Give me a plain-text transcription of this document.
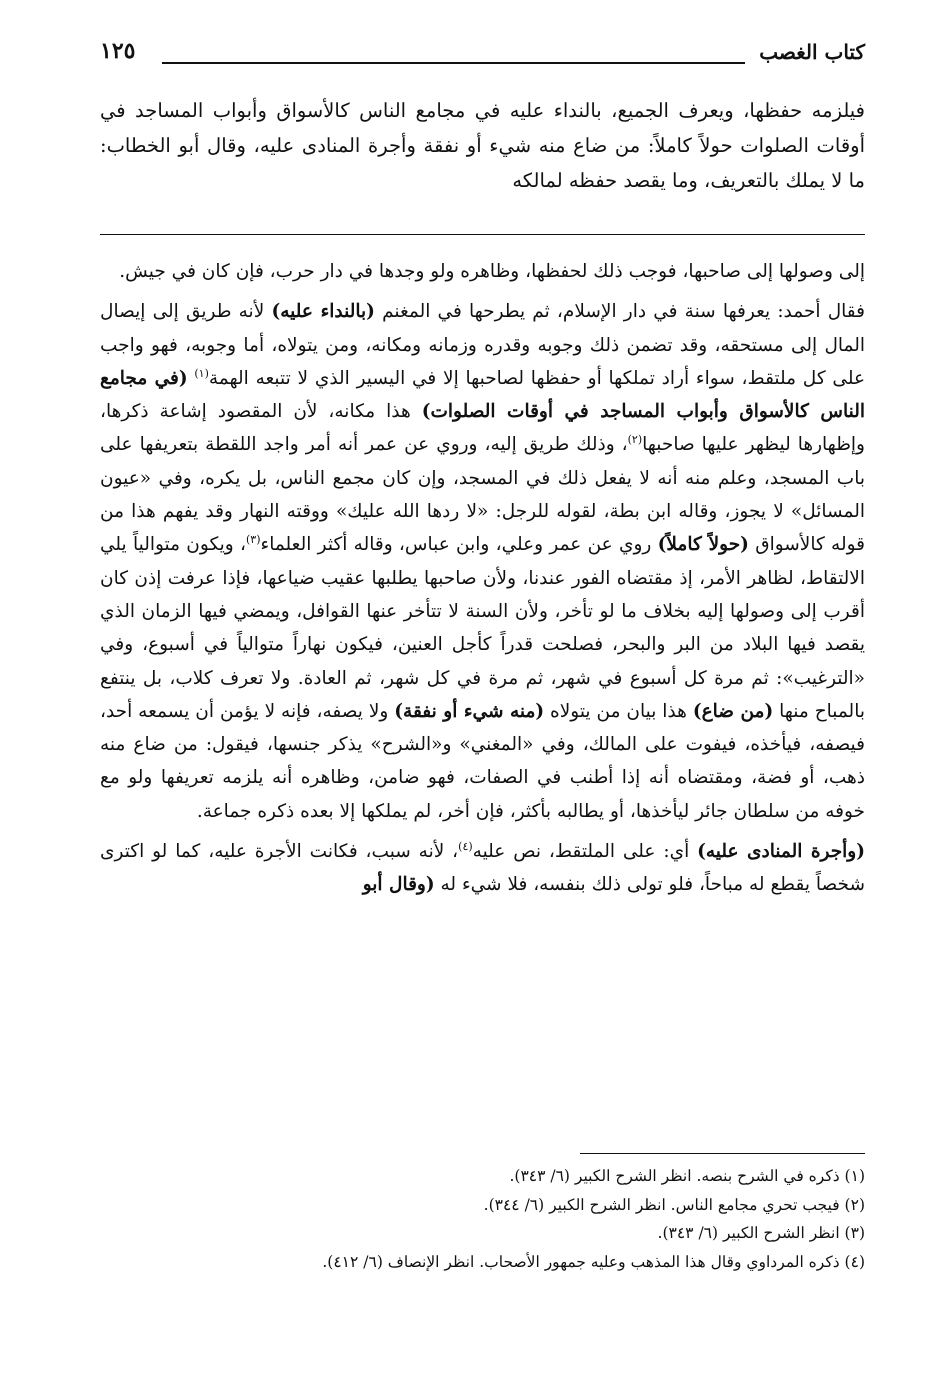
١٢٥	كتاب الغصب

فيلزمه حفظها، ويعرف الجميع، بالنداء عليه في مجامع الناس كالأسواق وأبواب المساجد في أوقات الصلوات حولاً كاملاً: من ضاع منه شيء أو نفقة وأجرة المنادى عليه، وقال أبو الخطاب: ما لا يملك بالتعريف، وما يقصد حفظه لمالكه

إلى وصولها إلى صاحبها، فوجب ذلك لحفظها، وظاهره ولو وجدها في دار حرب، فإن كان في جيش.

فقال أحمد: يعرفها سنة في دار الإسلام، ثم يطرحها في المغنم (بالنداء عليه) لأنه طريق إلى إيصال المال إلى مستحقه، وقد تضمن ذلك وجوبه وقدره وزمانه ومكانه، ومن يتولاه، أما وجوبه، فهو واجب على كل ملتقط، سواء أراد تملكها أو حفظها لصاحبها إلا في اليسير الذي لا تتبعه الهمة$^{(١)}$ (في مجامع الناس كالأسواق وأبواب المساجد في أوقات الصلوات) هذا مكانه، لأن المقصود إشاعة ذكرها، وإظهارها ليظهر عليها صاحبها$^{(٢)}$، وذلك طريق إليه، وروي عن عمر أنه أمر واجد اللقطة بتعريفها على باب المسجد، وعلم منه أنه لا يفعل ذلك في المسجد، وإن كان مجمع الناس، بل يكره، وفي «عيون المسائل» لا يجوز، وقاله ابن بطة، لقوله للرجل: «لا ردها الله عليك» ووقته النهار وقد يفهم هذا من قوله كالأسواق (حولاً كاملاً) روي عن عمر وعلي، وابن عباس، وقاله أكثر العلماء$^{(٣)}$، ويكون متوالياً يلي الالتقاط، لظاهر الأمر، إذ مقتضاه الفور عندنا، ولأن صاحبها يطلبها عقيب ضياعها، فإذا عرفت إذن كان أقرب إلى وصولها إليه بخلاف ما لو تأخر، ولأن السنة لا تتأخر عنها القوافل، ويمضي فيها الزمان الذي يقصد فيها البلاد من البر والبحر، فصلحت قدراً كأجل العنين، فيكون نهاراً متوالياً في أسبوع، وفي «الترغيب»: ثم مرة كل أسبوع في شهر، ثم مرة في كل شهر، ثم العادة. ولا تعرف كلاب، بل ينتفع بالمباح منها (من ضاع) هذا بيان من يتولاه (منه شيء أو نفقة) ولا يصفه، فإنه لا يؤمن أن يسمعه أحد، فيصفه، فيأخذه، فيفوت على المالك، وفي «المغني» و«الشرح» يذكر جنسها، فيقول: من ضاع منه ذهب، أو فضة، ومقتضاه أنه إذا أطنب في الصفات، فهو ضامن، وظاهره أنه يلزمه تعريفها ولو مع خوفه من سلطان جائر ليأخذها، أو يطالبه بأكثر، فإن أخر، لم يملكها إلا بعده ذكره جماعة.

(وأجرة المنادى عليه) أي: على الملتقط، نص عليه$^{(٤)}$، لأنه سبب، فكانت الأجرة عليه، كما لو اكترى شخصاً يقطع له مباحاً، فلو تولى ذلك بنفسه، فلا شيء له (وقال أبو

(١) ذكره في الشرح بنصه. انظر الشرح الكبير (٦/ ٣٤٣).
(٢) فيجب تحري مجامع الناس. انظر الشرح الكبير (٦/ ٣٤٤).
(٣) انظر الشرح الكبير (٦/ ٣٤٣).
(٤) ذكره المرداوي وقال هذا المذهب وعليه جمهور الأصحاب. انظر الإنصاف (٦/ ٤١٢).
